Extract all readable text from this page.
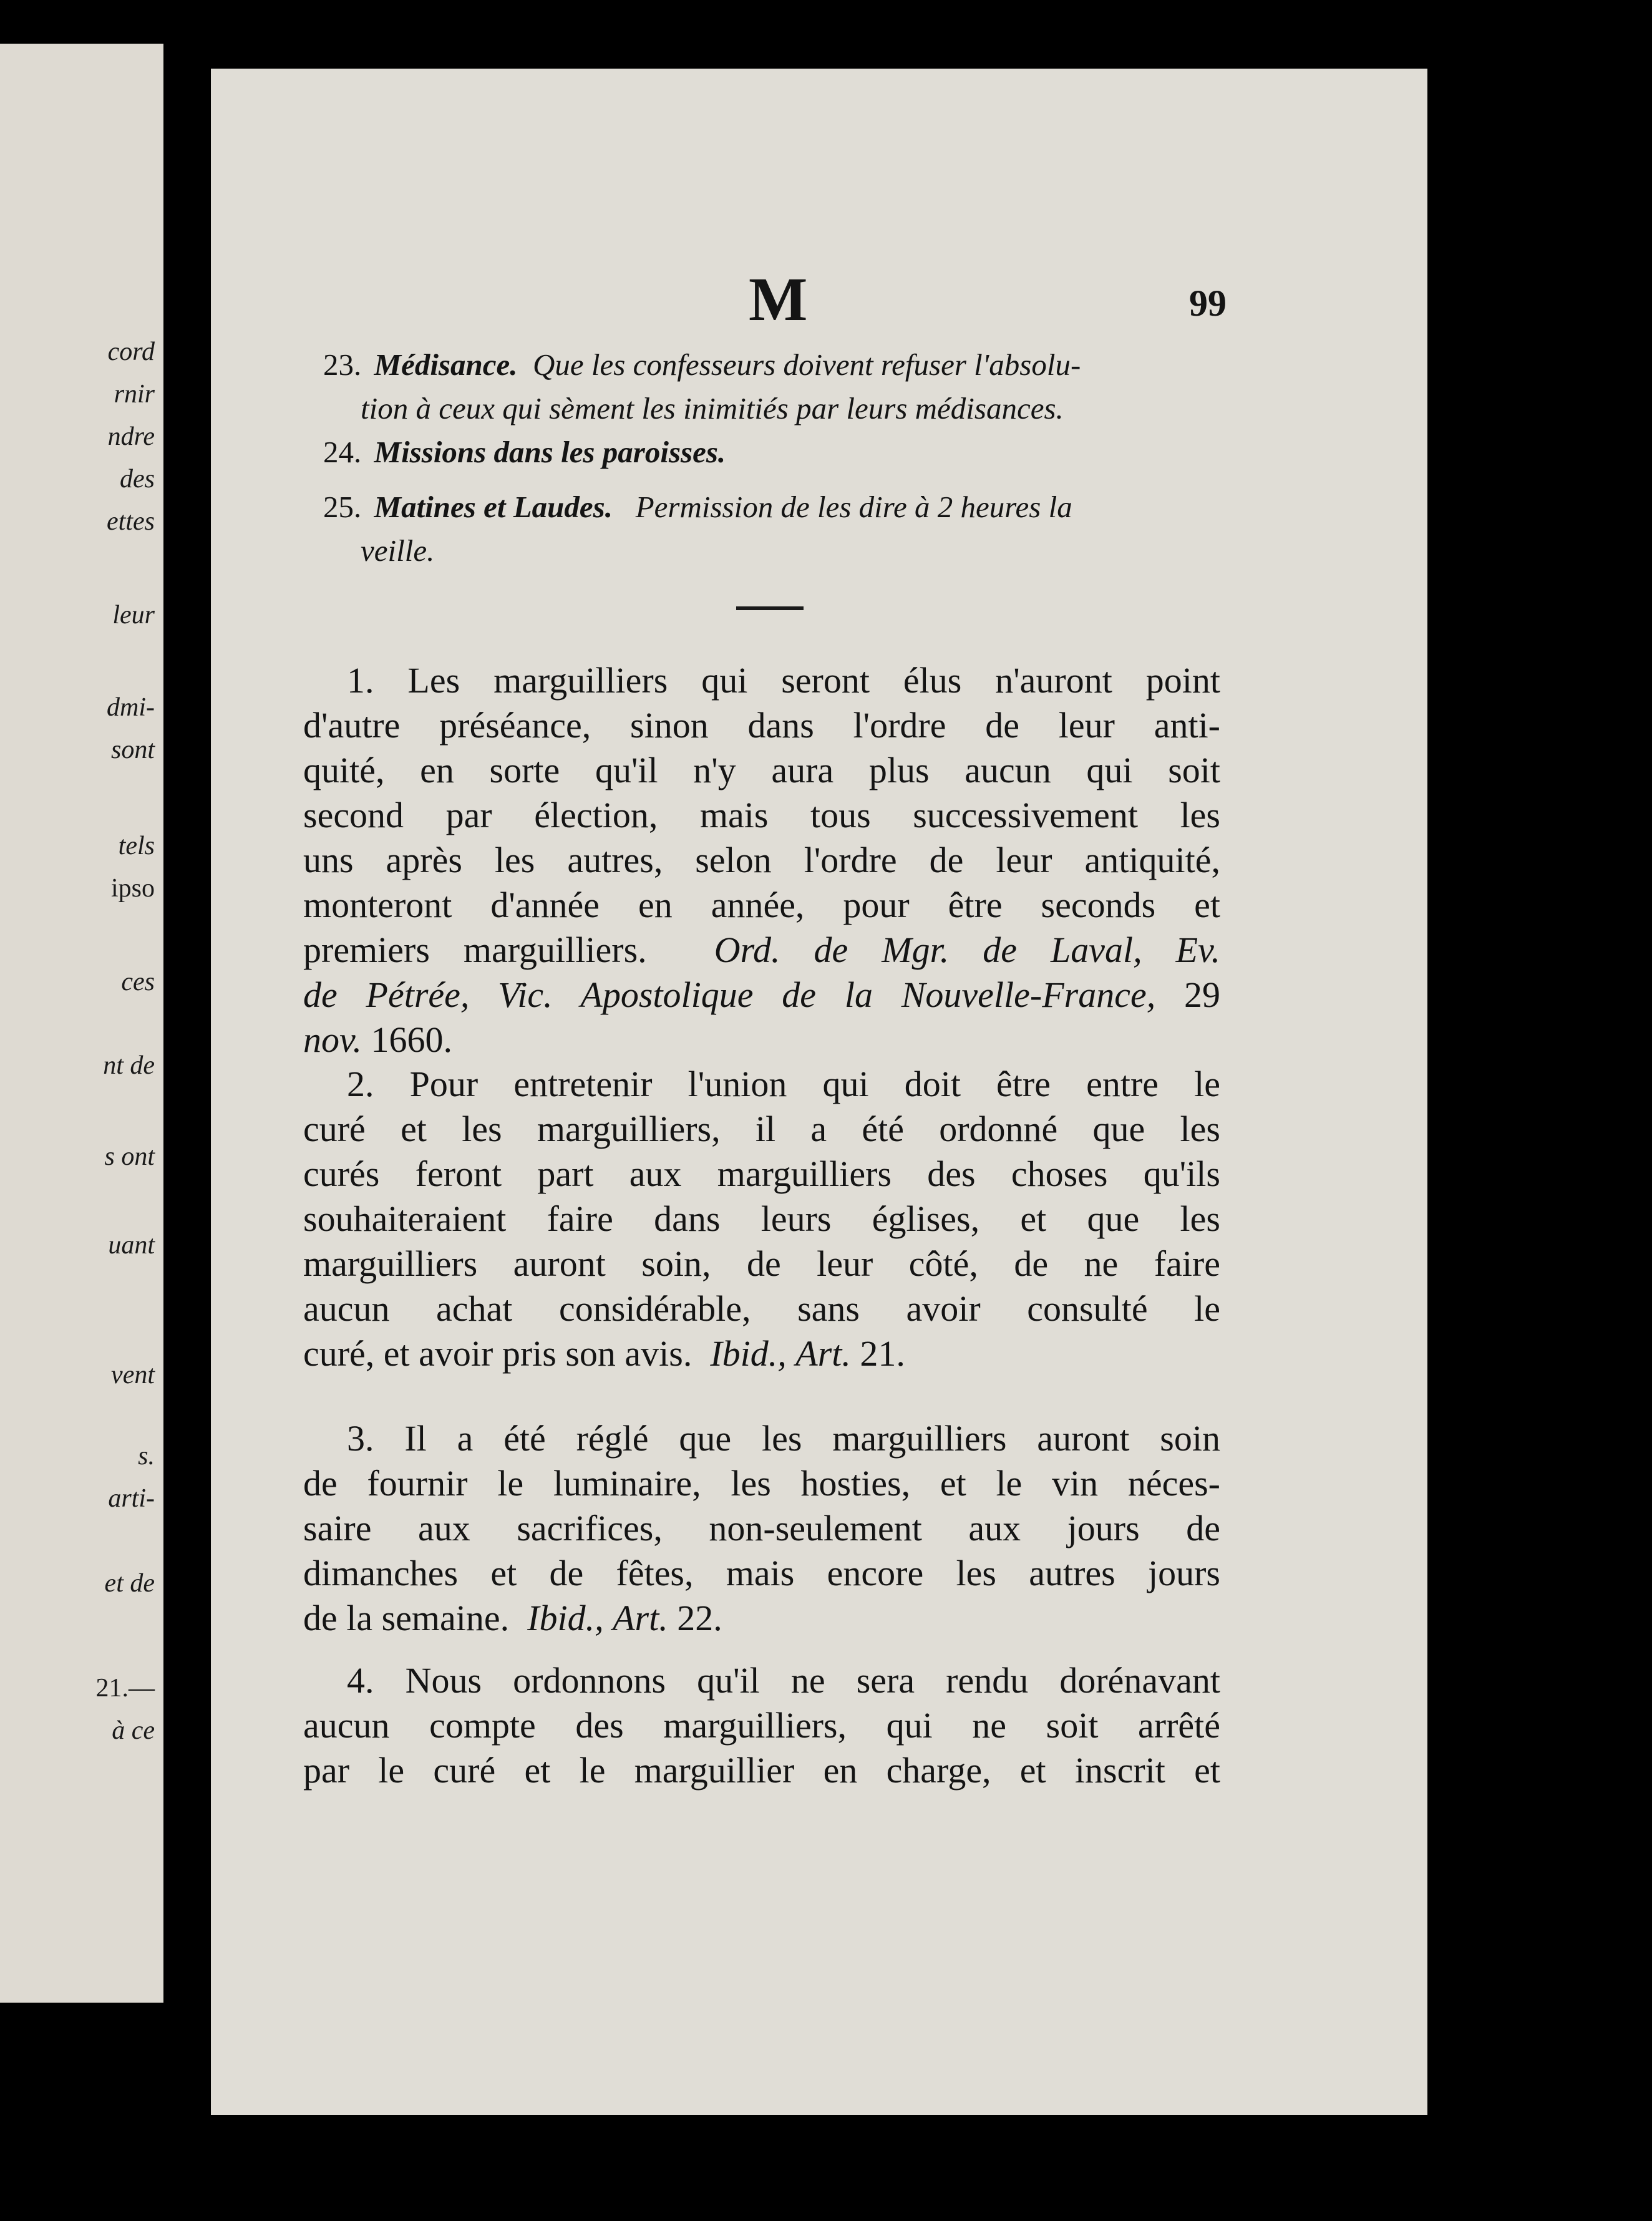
cord
rnir
ndre
des
ettes
leur
dmi-
sont
tels
ipso
ces
nt de
s ont
uant
vent
s.
arti-
et de
21.—
à ce
M	99
23. Médisance. Que les confesseurs doivent refuser l'absolu-
tion à ceux qui sèment les inimitiés par leurs médisances.
24. Missions dans les paroisses.
25. Matines et Laudes. Permission de les dire à 2 heures la
veille.
1. Les marguilliers qui seront élus n'auront point
d'autre préséance, sinon dans l'ordre de leur anti-
quité, en sorte qu'il n'y aura plus aucun qui soit
second par élection, mais tous successivement les
uns après les autres, selon l'ordre de leur antiquité,
monteront d'année en année, pour être seconds et
premiers marguilliers. Ord. de Mgr. de Laval, Ev.
de Pétrée, Vic. Apostolique de la Nouvelle-France, 29
nov. 1660.
2. Pour entretenir l'union qui doit être entre le
curé et les marguilliers, il a été ordonné que les
curés feront part aux marguilliers des choses qu'ils
souhaiteraient faire dans leurs églises, et que les
marguilliers auront soin, de leur côté, de ne faire
aucun achat considérable, sans avoir consulté le
curé, et avoir pris son avis. Ibid., Art. 21.
3. Il a été réglé que les marguilliers auront soin
de fournir le luminaire, les hosties, et le vin néces-
saire aux sacrifices, non-seulement aux jours de
dimanches et de fêtes, mais encore les autres jours
de la semaine. Ibid., Art. 22.
4. Nous ordonnons qu'il ne sera rendu dorénavant
aucun compte des marguilliers, qui ne soit arrêté
par le curé et le marguillier en charge, et inscrit et
